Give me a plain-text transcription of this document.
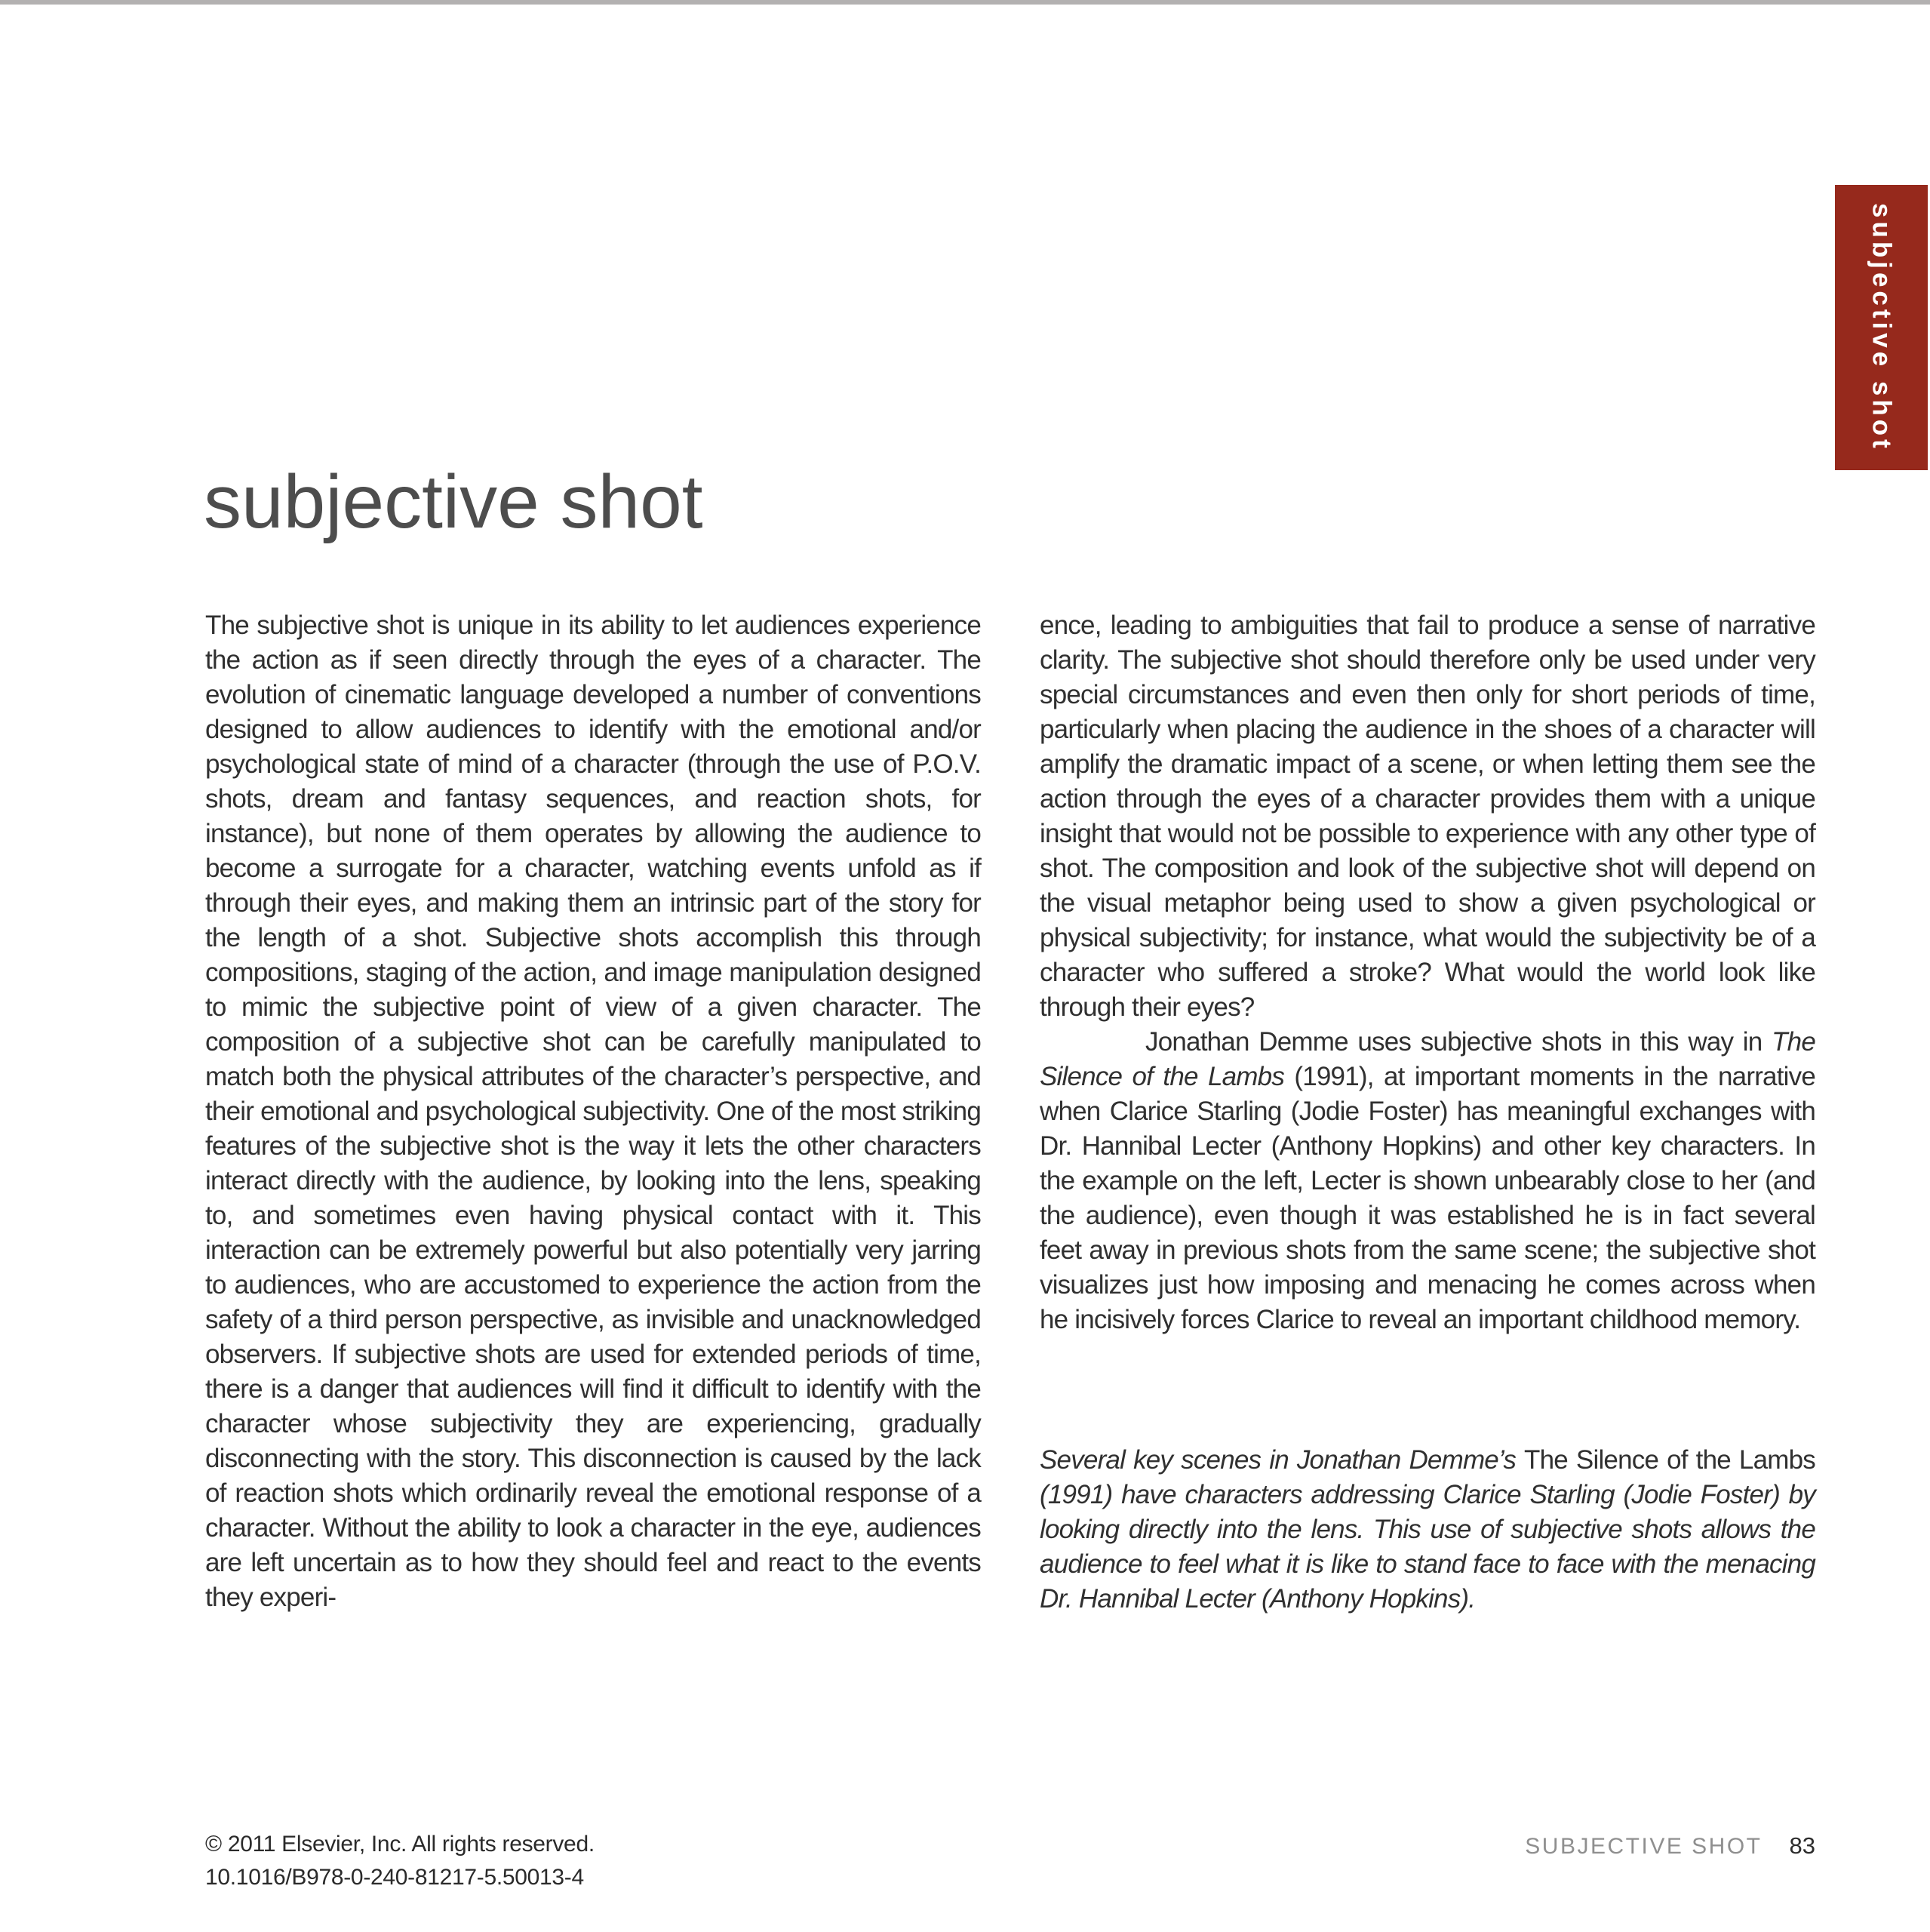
subjective shot
subjective shot

The subjective shot is unique in its ability to let audiences experience the action as if seen directly through the eyes of a character. The evolution of cinematic language developed a number of conventions designed to allow audiences to identify with the emotional and/or psychological state of mind of a character (through the use of P.O.V. shots, dream and fantasy sequences, and reaction shots, for instance), but none of them operates by allowing the audience to become a surrogate for a character, watching events unfold as if through their eyes, and making them an intrinsic part of the story for the length of a shot. Subjective shots accomplish this through compositions, staging of the action, and image manipulation designed to mimic the subjective point of view of a given character. The composition of a subjective shot can be carefully manipulated to match both the physical attributes of the character’s perspective, and their emotional and psychological subjectivity. One of the most striking features of the subjective shot is the way it lets the other characters interact directly with the audience, by looking into the lens, speaking to, and sometimes even having physical contact with it. This interaction can be extremely powerful but also potentially very jarring to audiences, who are accustomed to experience the action from the safety of a third person perspective, as invisible and unacknowledged observers. If subjective shots are used for extended periods of time, there is a danger that audiences will find it difficult to identify with the character whose subjectivity they are experiencing, gradually disconnecting with the story. This disconnection is caused by the lack of reaction shots which ordinarily reveal the emotional response of a character. Without the ability to look a character in the eye, audiences are left uncertain as to how they should feel and react to the events they experi-

ence, leading to ambiguities that fail to produce a sense of narrative clarity. The subjective shot should therefore only be used under very special circumstances and even then only for short periods of time, particularly when placing the audience in the shoes of a character will amplify the dramatic impact of a scene, or when letting them see the action through the eyes of a character provides them with a unique insight that would not be possible to experience with any other type of shot. The composition and look of the subjective shot will depend on the visual metaphor being used to show a given psychological or physical subjectivity; for instance, what would the subjectivity be of a character who suffered a stroke? What would the world look like through their eyes?

Jonathan Demme uses subjective shots in this way in The Silence of the Lambs (1991), at important moments in the narrative when Clarice Starling (Jodie Foster) has meaningful exchanges with Dr. Hannibal Lecter (Anthony Hopkins) and other key characters. In the example on the left, Lecter is shown unbearably close to her (and the audience), even though it was established he is in fact several feet away in previous shots from the same scene; the subjective shot visualizes just how imposing and menacing he comes across when he incisively forces Clarice to reveal an important childhood memory.

Several key scenes in Jonathan Demme’s The Silence of the Lambs (1991) have characters addressing Clarice Starling (Jodie Foster) by looking directly into the lens. This use of subjective shots allows the audience to feel what it is like to stand face to face with the menacing Dr. Hannibal Lecter (Anthony Hopkins).

© 2011 Elsevier, Inc. All rights reserved.
10.1016/B978-0-240-81217-5.50013-4
SUBJECTIVE SHOT 83
